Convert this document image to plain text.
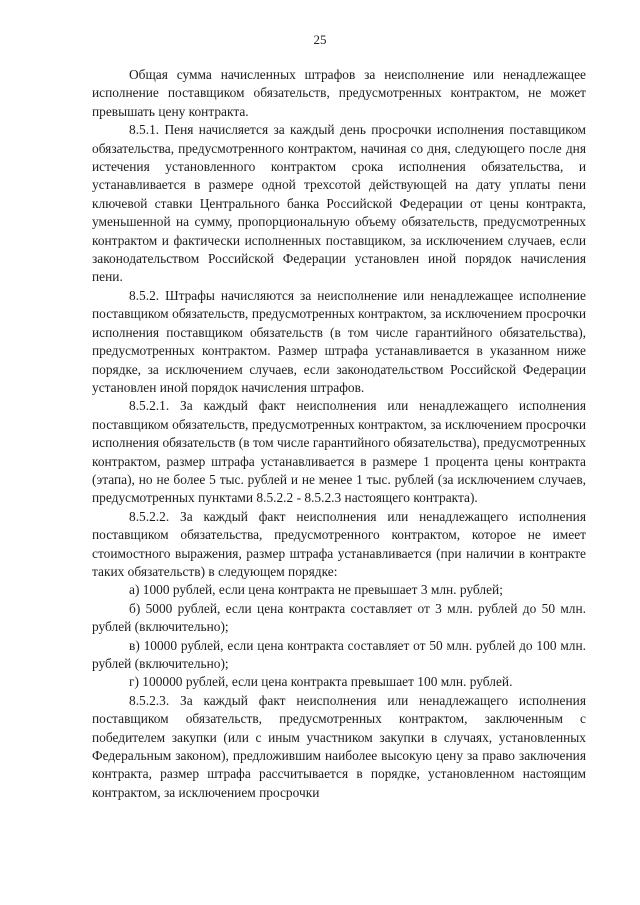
25

Общая сумма начисленных штрафов за неисполнение или ненадлежащее исполнение поставщиком обязательств, предусмотренных контрактом, не может превышать цену контракта.

8.5.1. Пеня начисляется за каждый день просрочки исполнения поставщиком обязательства, предусмотренного контрактом, начиная со дня, следующего после дня истечения установленного контрактом срока исполнения обязательства, и устанавливается в размере одной трехсотой действующей на дату уплаты пени ключевой ставки Центрального банка Российской Федерации от цены контракта, уменьшенной на сумму, пропорциональную объему обязательств, предусмотренных контрактом и фактически исполненных поставщиком, за исключением случаев, если законодательством Российской Федерации установлен иной порядок начисления пени.

8.5.2. Штрафы начисляются за неисполнение или ненадлежащее исполнение поставщиком обязательств, предусмотренных контрактом, за исключением просрочки исполнения поставщиком обязательств (в том числе гарантийного обязательства), предусмотренных контрактом. Размер штрафа устанавливается в указанном ниже порядке, за исключением случаев, если законодательством Российской Федерации установлен иной порядок начисления штрафов.

8.5.2.1. За каждый факт неисполнения или ненадлежащего исполнения поставщиком обязательств, предусмотренных контрактом, за исключением просрочки исполнения обязательств (в том числе гарантийного обязательства), предусмотренных контрактом, размер штрафа устанавливается в размере 1 процента цены контракта (этапа), но не более 5 тыс. рублей и не менее 1 тыс. рублей (за исключением случаев, предусмотренных пунктами 8.5.2.2 - 8.5.2.3 настоящего контракта).

8.5.2.2. За каждый факт неисполнения или ненадлежащего исполнения поставщиком обязательства, предусмотренного контрактом, которое не имеет стоимостного выражения, размер штрафа устанавливается (при наличии в контракте таких обязательств) в следующем порядке:

а) 1000 рублей, если цена контракта не превышает 3 млн. рублей;

б) 5000 рублей, если цена контракта составляет от 3 млн. рублей до 50 млн. рублей (включительно);

в) 10000 рублей, если цена контракта составляет от 50 млн. рублей до 100 млн. рублей (включительно);

г) 100000 рублей, если цена контракта превышает 100 млн. рублей.

8.5.2.3. За каждый факт неисполнения или ненадлежащего исполнения поставщиком обязательств, предусмотренных контрактом, заключенным с победителем закупки (или с иным участником закупки в случаях, установленных Федеральным законом), предложившим наиболее высокую цену за право заключения контракта, размер штрафа рассчитывается в порядке, установленном настоящим контрактом, за исключением просрочки
